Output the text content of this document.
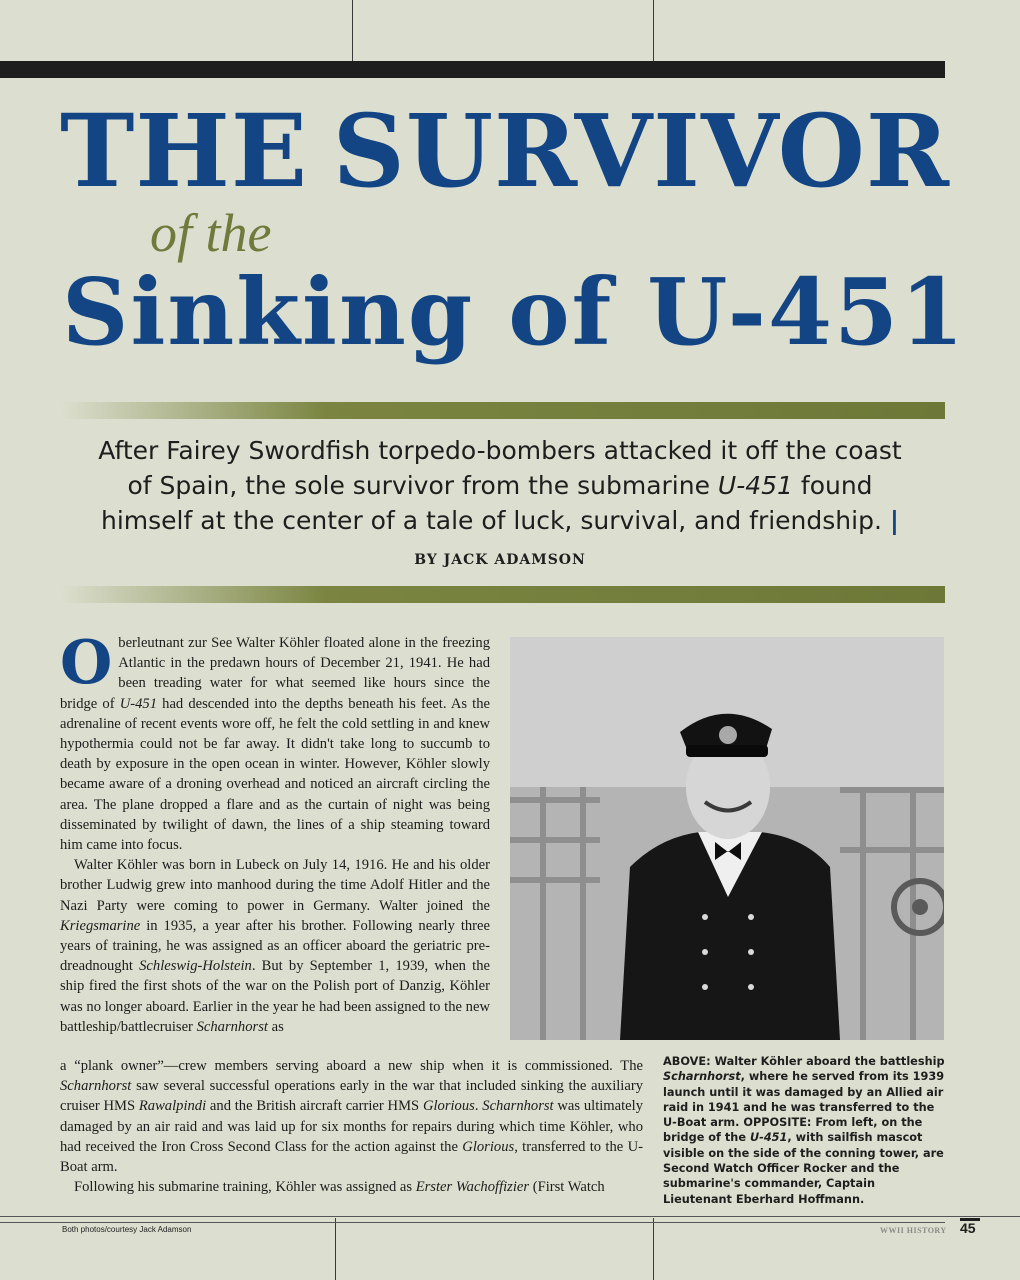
THE SURVIVOR
of the
Sinking of U-451
After Fairey Swordfish torpedo-bombers attacked it off the coast of Spain, the sole survivor from the submarine U-451 found himself at the center of a tale of luck, survival, and friendship. | BY JACK ADAMSON
O berleutnant zur See Walter Köhler floated alone in the freezing Atlantic in the predawn hours of December 21, 1941. He had been treading water for what seemed like hours since the bridge of U-451 had descended into the depths beneath his feet. As the adrenaline of recent events wore off, he felt the cold settling in and knew hypothermia could not be far away. It didn't take long to succumb to death by exposure in the open ocean in winter. However, Köhler slowly became aware of a droning overhead and noticed an aircraft circling the area. The plane dropped a flare and as the curtain of night was being disseminated by twilight of dawn, the lines of a ship steaming toward him came into focus.

Walter Köhler was born in Lubeck on July 14, 1916. He and his older brother Ludwig grew into manhood during the time Adolf Hitler and the Nazi Party were coming to power in Germany. Walter joined the Kriegsmarine in 1935, a year after his brother. Following nearly three years of training, he was assigned as an officer aboard the geriatric pre-dreadnought Schleswig-Holstein. But by September 1, 1939, when the ship fired the first shots of the war on the Polish port of Danzig, Köhler was no longer aboard. Earlier in the year he had been assigned to the new battleship/battlecruiser Scharnhorst as

a “plank owner”—crew members serving aboard a new ship when it is commissioned. The Scharnhorst saw several successful operations early in the war that included sinking the auxiliary cruiser HMS Rawalpindi and the British aircraft carrier HMS Glorious. Scharnhorst was ultimately damaged by an air raid and was laid up for six months for repairs during which time Köhler, who had received the Iron Cross Second Class for the action against the Glorious, transferred to the U-Boat arm.

Following his submarine training, Köhler was assigned as Erster Wachoffizier (First Watch

ABOVE: Walter Köhler aboard the battleship
Scharnhorst, where he served from its 1939 launch until it was damaged by an Allied air raid in 1941 and he was transferred to the U-Boat arm. OPPOSITE: From left, on the bridge of the U-451, with sailfish mascot visible on the side of the conning tower, are Second Watch Officer Rocker and the submarine's commander, Captain Lieutenant Eberhard Hoffmann.
Both photos/courtesy Jack Adamson	WWII HISTORY 45
